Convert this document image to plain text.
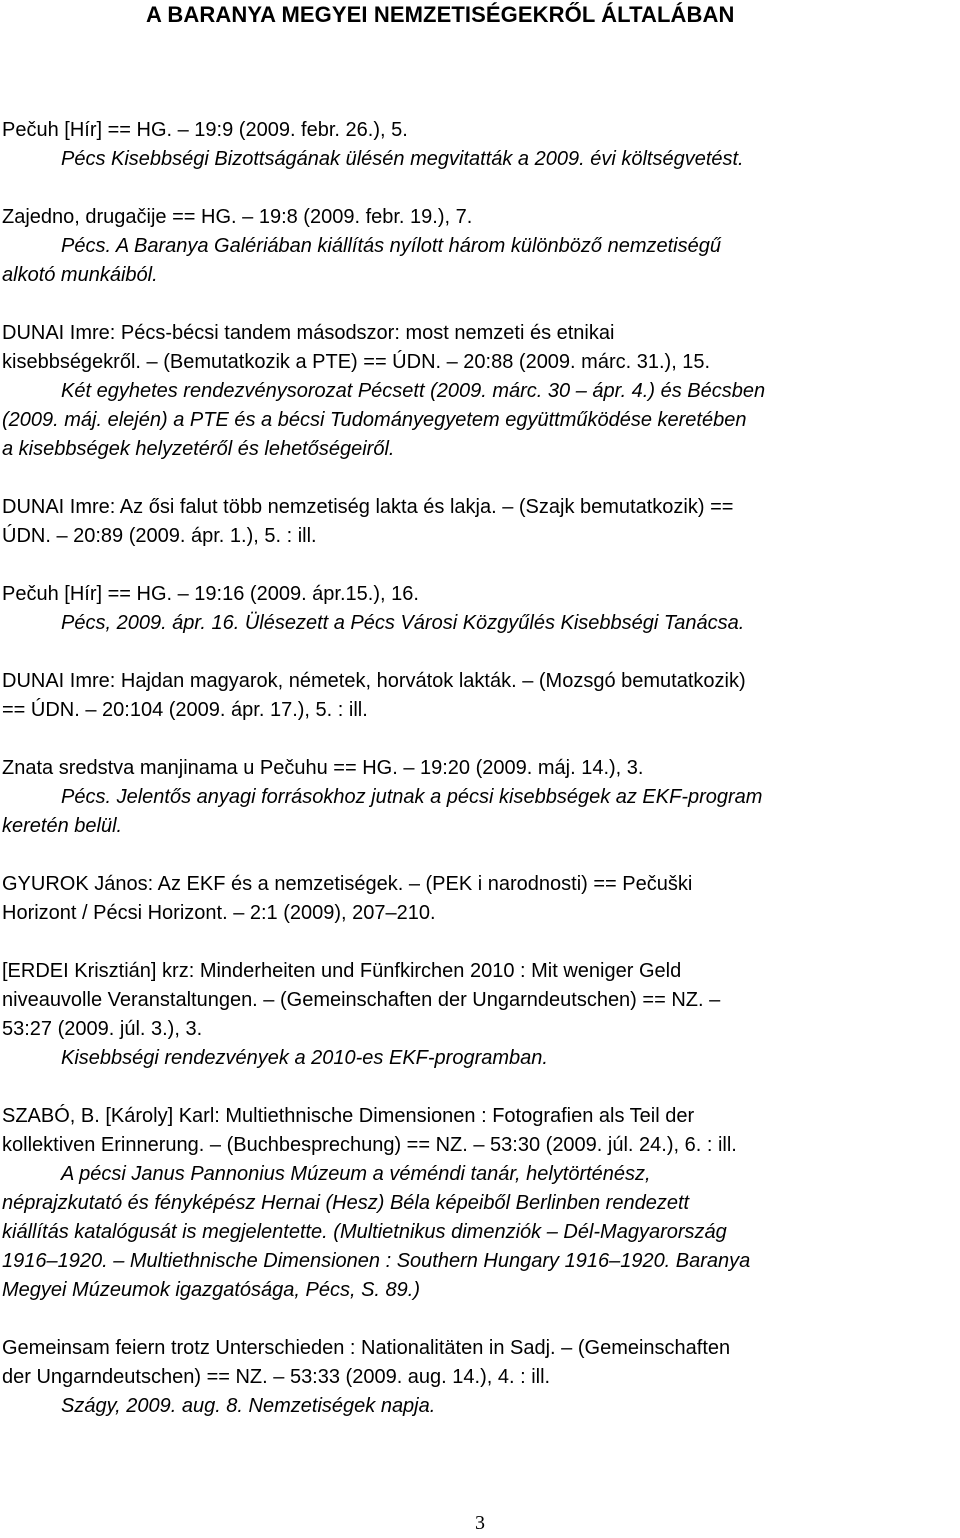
A BARANYA MEGYEI NEMZETISÉGEKRŐL ÁLTALÁBAN
Pečuh [Hír] == HG. – 19:9 (2009. febr. 26.), 5.
Pécs Kisebbségi Bizottságának ülésén megvitatták a 2009. évi költségvetést.
Zajedno, drugačije == HG. – 19:8 (2009. febr. 19.), 7.
Pécs. A Baranya Galériában kiállítás nyílott három különböző nemzetiségű
alkotó munkáiból.
DUNAI Imre: Pécs-bécsi tandem másodszor: most nemzeti és etnikai
kisebbségekről. – (Bemutatkozik a PTE) == ÚDN. – 20:88 (2009. márc. 31.), 15.
Két egyhetes rendezvénysorozat Pécsett (2009. márc. 30 – ápr. 4.) és Bécsben
(2009. máj. elején) a PTE és a bécsi Tudományegyetem együttműködése keretében
a kisebbségek helyzetéről és lehetőségeiről.
DUNAI Imre: Az ősi falut több nemzetiség lakta és lakja. – (Szajk bemutatkozik) ==
ÚDN. – 20:89 (2009. ápr. 1.), 5. : ill.
Pečuh [Hír] == HG. – 19:16 (2009. ápr.15.), 16.
Pécs, 2009. ápr. 16. Ülésezett a Pécs Városi Közgyűlés Kisebbségi Tanácsa.
DUNAI Imre: Hajdan magyarok, németek, horvátok lakták. – (Mozsgó bemutatkozik)
== ÚDN. – 20:104 (2009. ápr. 17.), 5. : ill.
Znata sredstva manjinama u Pečuhu == HG. – 19:20 (2009. máj. 14.), 3.
Pécs. Jelentős anyagi forrásokhoz jutnak a pécsi kisebbségek az EKF-program
keretén belül.
GYUROK János: Az EKF és a nemzetiségek. – (PEK i narodnosti) == Pečuški
Horizont / Pécsi Horizont. – 2:1 (2009), 207–210.
[ERDEI Krisztián] krz: Minderheiten und Fünfkirchen 2010 : Mit weniger Geld
niveauvolle Veranstaltungen. – (Gemeinschaften der Ungarndeutschen) == NZ. –
53:27 (2009. júl. 3.), 3.
Kisebbségi rendezvények a 2010-es EKF-programban.
SZABÓ, B. [Károly] Karl: Multiethnische Dimensionen : Fotografien als Teil der
kollektiven Erinnerung. – (Buchbesprechung) == NZ. – 53:30 (2009. júl. 24.), 6. : ill.
A pécsi Janus Pannonius Múzeum a véméndi tanár, helytörténész,
néprajzkutató és fényképész Hernai (Hesz) Béla képeiből Berlinben rendezett
kiállítás katalógusát is megjelentette. (Multietnikus dimenziók – Dél-Magyarország
1916–1920. – Multiethnische Dimensionen : Southern Hungary 1916–1920. Baranya
Megyei Múzeumok igazgatósága, Pécs, S. 89.)
Gemeinsam feiern trotz Unterschieden : Nationalitäten in Sadj. – (Gemeinschaften
der Ungarndeutschen) == NZ. – 53:33 (2009. aug. 14.), 4. : ill.
Szágy, 2009. aug. 8. Nemzetiségek napja.
3
